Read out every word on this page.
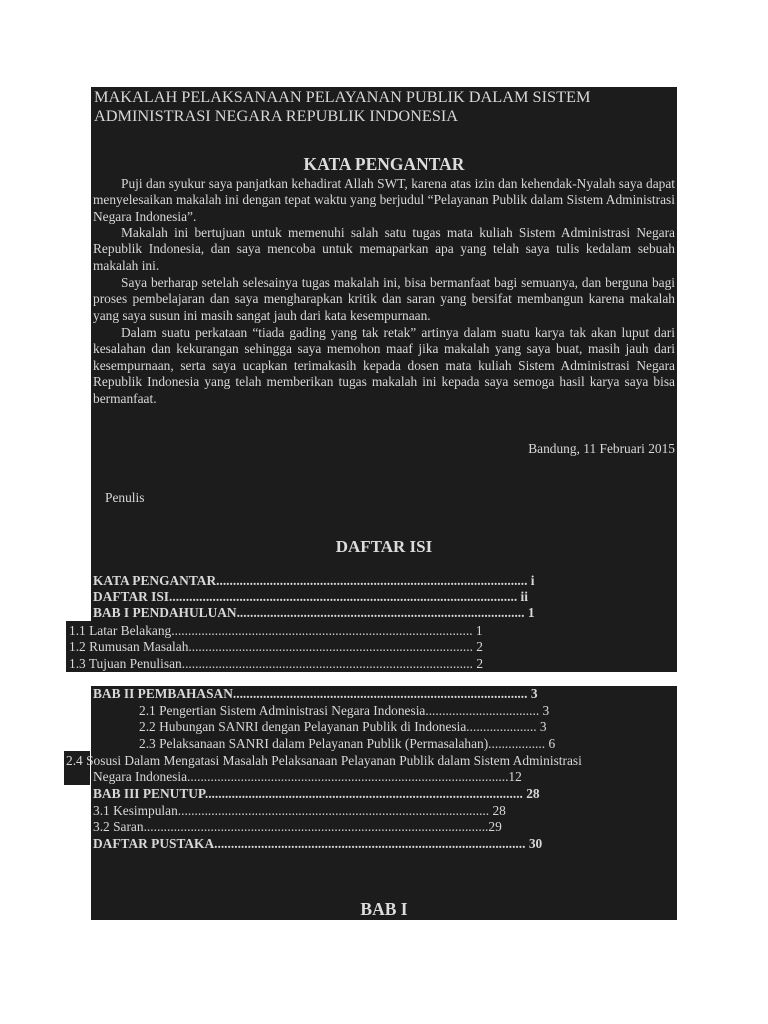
MAKALAH PELAKSANAAN PELAYANAN PUBLIK DALAM SISTEM

ADMINISTRASI NEGARA REPUBLIK INDONESIA

KATA PENGANTAR

Puji dan syukur saya panjatkan kehadirat Allah SWT, karena atas izin dan kehendak-Nyalah saya dapat menyelesaikan makalah ini dengan tepat waktu yang berjudul “Pelayanan Publik dalam Sistem Administrasi Negara Indonesia”.

Makalah ini bertujuan untuk memenuhi salah satu tugas mata kuliah Sistem Administrasi Negara Republik Indonesia, dan saya mencoba untuk memaparkan apa yang telah saya tulis kedalam sebuah makalah ini.

Saya berharap setelah selesainya tugas makalah ini, bisa bermanfaat bagi semuanya, dan berguna bagi proses pembelajaran dan saya mengharapkan kritik dan saran yang bersifat membangun karena makalah yang saya susun ini masih sangat jauh dari kata kesempurnaan.

Dalam suatu perkataan “tiada gading yang tak retak” artinya dalam suatu karya tak akan luput dari kesalahan dan kekurangan sehingga saya memohon maaf jika makalah yang saya buat, masih jauh dari kesempurnaan, serta saya ucapkan terimakasih kepada dosen mata kuliah Sistem Administrasi Negara Republik Indonesia yang telah memberikan tugas makalah ini kepada saya semoga hasil karya saya bisa bermanfaat.

Bandung, 11 Februari 2015

Penulis

DAFTAR ISI

KATA PENGANTAR............................................................................................. i

DAFTAR ISI........................................................................................................ ii

BAB I PENDAHULUAN...................................................................................... 1

1.1 Latar Belakang.......................................................................................... 1

1.2 Rumusan Masalah..................................................................................... 2

1.3 Tujuan Penulisan....................................................................................... 2

BAB II PEMBAHASAN........................................................................................ 3

2.1 Pengertian Sistem Administrasi Negara Indonesia.................................. 3

2.2 Hubungan SANRI dengan Pelayanan Publik di Indonesia..................... 3

2.3 Pelaksanaan SANRI dalam Pelayanan Publik (Permasalahan)................. 6

2.4 Sosusi Dalam Mengatasi Masalah Pelaksanaan Pelayanan Publik dalam Sistem Administrasi

Negara Indonesia................................................................................................12

BAB III PENUTUP............................................................................................... 28

3.1 Kesimpulan............................................................................................. 28

3.2 Saran.......................................................................................................29

DAFTAR PUSTAKA............................................................................................. 30

BAB I
